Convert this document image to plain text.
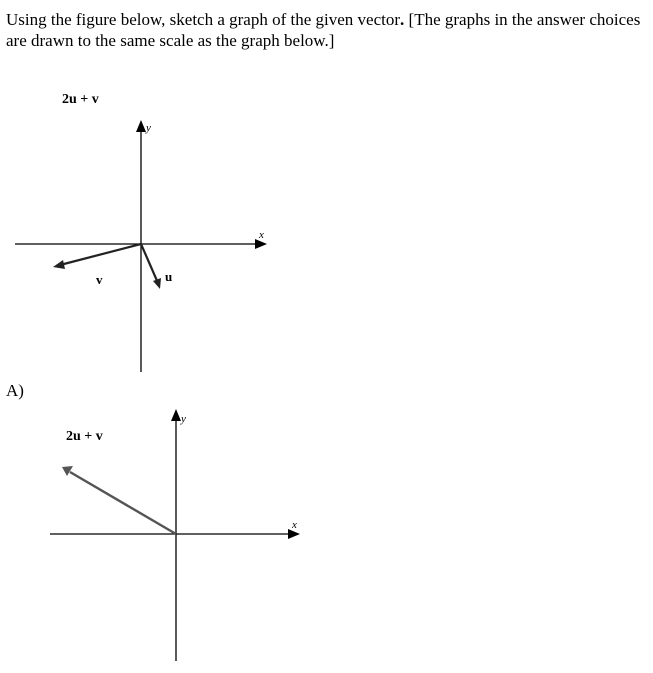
Using the figure below, sketch a graph of the given vector. [The graphs in the answer choices are drawn to the same scale as the graph below.]
2u + v
A)
2u + v
x
y
u
v
x
y
